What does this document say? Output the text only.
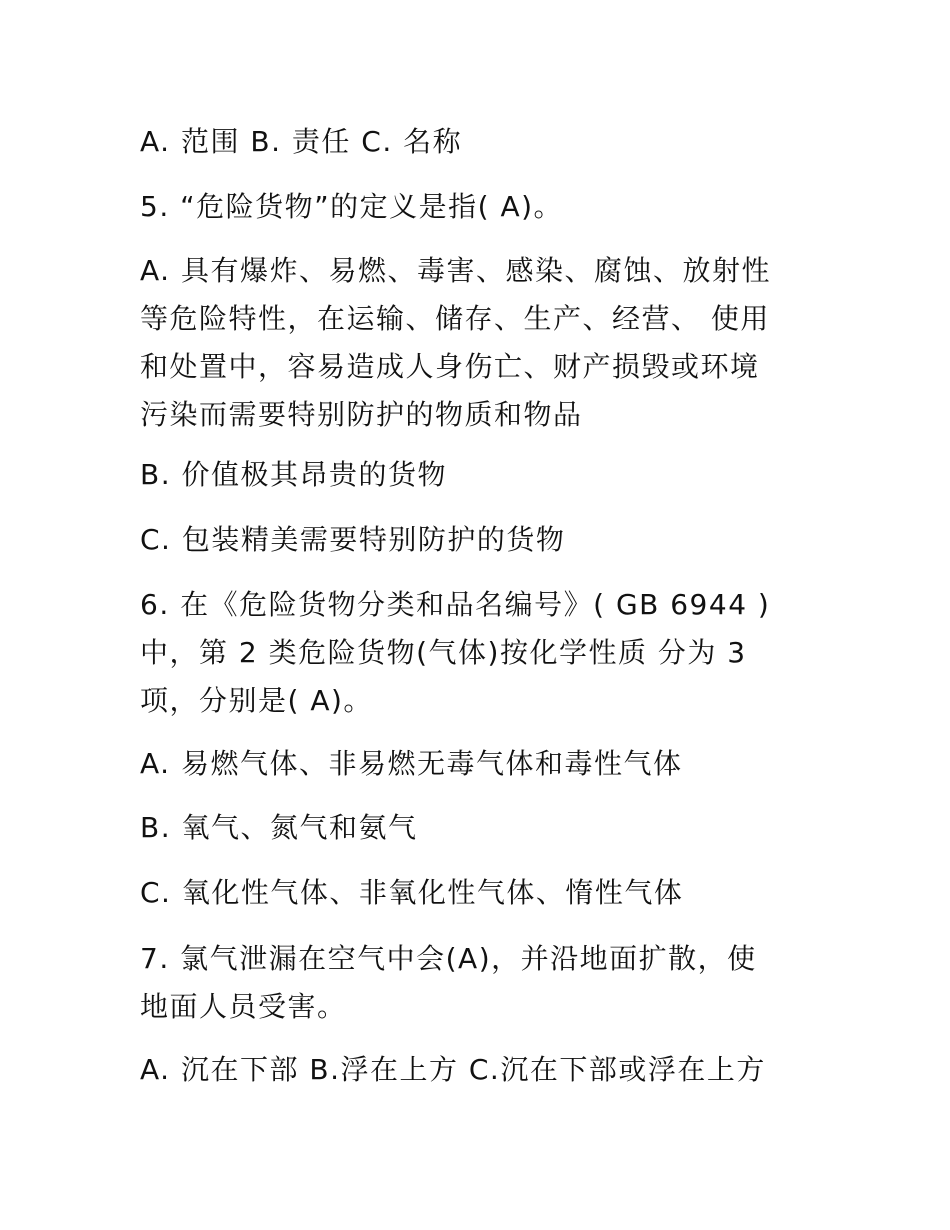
A. 范围 B. 责任 C. 名称

5. “危险货物”的定义是指( A)。

A. 具有爆炸、易燃、毒害、感染、腐蚀、放射性
等危险特性，在运输、储存、生产、经营、 使用
和处置中，容易造成人身伤亡、财产损毁或环境
污染而需要特别防护的物质和物品

B. 价值极其昂贵的货物

C. 包装精美需要特别防护的货物

6. 在《危险货物分类和品名编号》( GB 6944 )
中，第 2 类危险货物(气体)按化学性质 分为 3
项，分别是( A)。

A. 易燃气体、非易燃无毒气体和毒性气体

B. 氧气、氮气和氨气

C. 氧化性气体、非氧化性气体、惰性气体

7. 氯气泄漏在空气中会(A)，并沿地面扩散，使
地面人员受害。

A. 沉在下部 B.浮在上方 C.沉在下部或浮在上方
